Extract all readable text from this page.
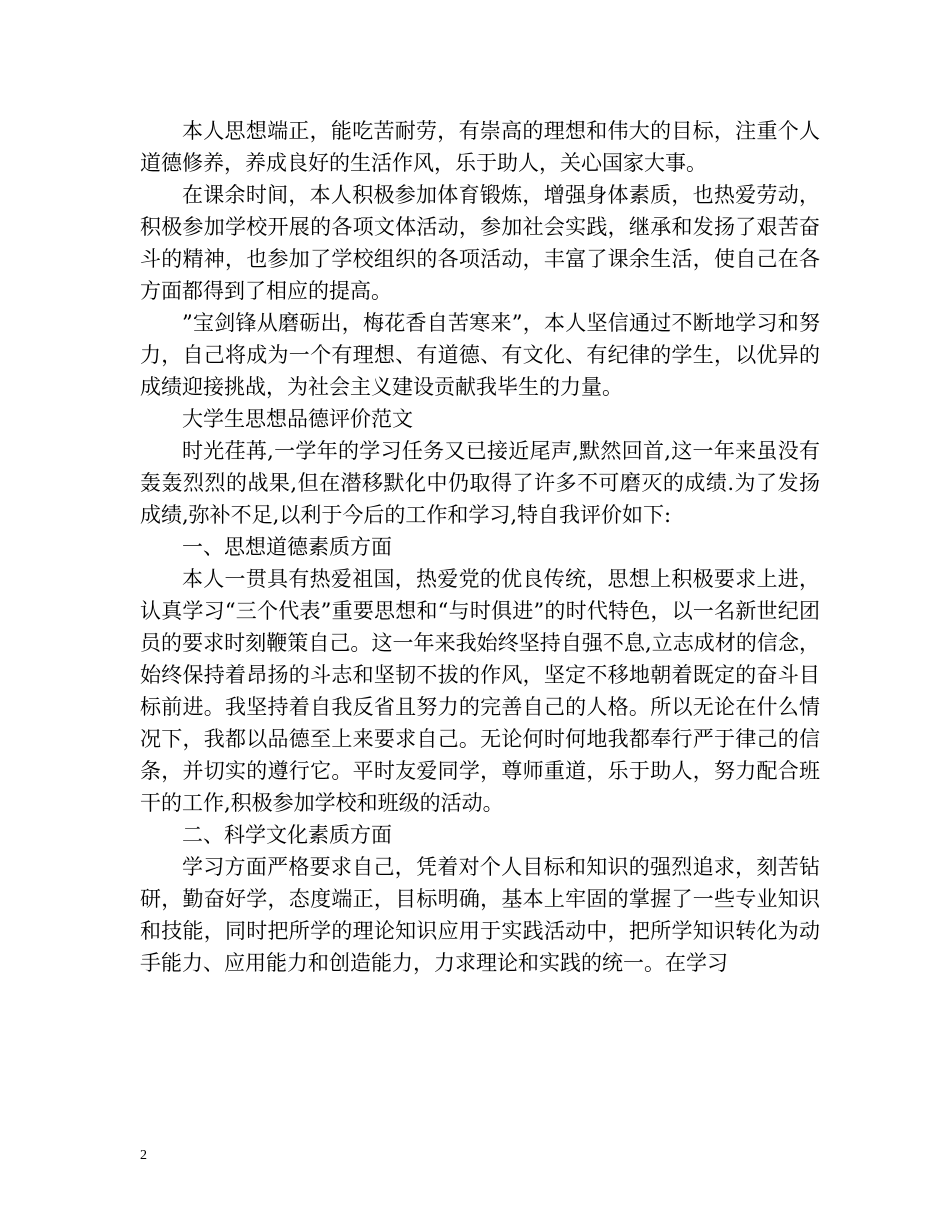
本人思想端正，能吃苦耐劳，有崇高的理想和伟大的目标，注重个人道德修养，养成良好的生活作风，乐于助人，关心国家大事。

在课余时间，本人积极参加体育锻炼，增强身体素质，也热爱劳动，积极参加学校开展的各项文体活动，参加社会实践，继承和发扬了艰苦奋斗的精神，也参加了学校组织的各项活动，丰富了课余生活，使自己在各方面都得到了相应的提高。

”宝剑锋从磨砺出，梅花香自苦寒来”，本人坚信通过不断地学习和努力，自己将成为一个有理想、有道德、有文化、有纪律的学生，以优异的成绩迎接挑战，为社会主义建设贡献我毕生的力量。

大学生思想品德评价范文

时光荏苒,一学年的学习任务又已接近尾声,默然回首,这一年来虽没有轰轰烈烈的战果,但在潜移默化中仍取得了许多不可磨灭的成绩.为了发扬成绩,弥补不足,以利于今后的工作和学习,特自我评价如下:

一、思想道德素质方面

本人一贯具有热爱祖国，热爱党的优良传统，思想上积极要求上进，认真学习“三个代表”重要思想和“与时俱进”的时代特色，以一名新世纪团员的要求时刻鞭策自己。这一年来我始终坚持自强不息,立志成材的信念，始终保持着昂扬的斗志和坚韧不拔的作风，坚定不移地朝着既定的奋斗目标前进。我坚持着自我反省且努力的完善自己的人格。所以无论在什么情况下，我都以品德至上来要求自己。无论何时何地我都奉行严于律己的信条，并切实的遵行它。平时友爱同学，尊师重道，乐于助人，努力配合班干的工作,积极参加学校和班级的活动。

二、科学文化素质方面

学习方面严格要求自己，凭着对个人目标和知识的强烈追求，刻苦钻研，勤奋好学，态度端正，目标明确，基本上牢固的掌握了一些专业知识和技能，同时把所学的理论知识应用于实践活动中，把所学知识转化为动手能力、应用能力和创造能力，力求理论和实践的统一。在学习

2
